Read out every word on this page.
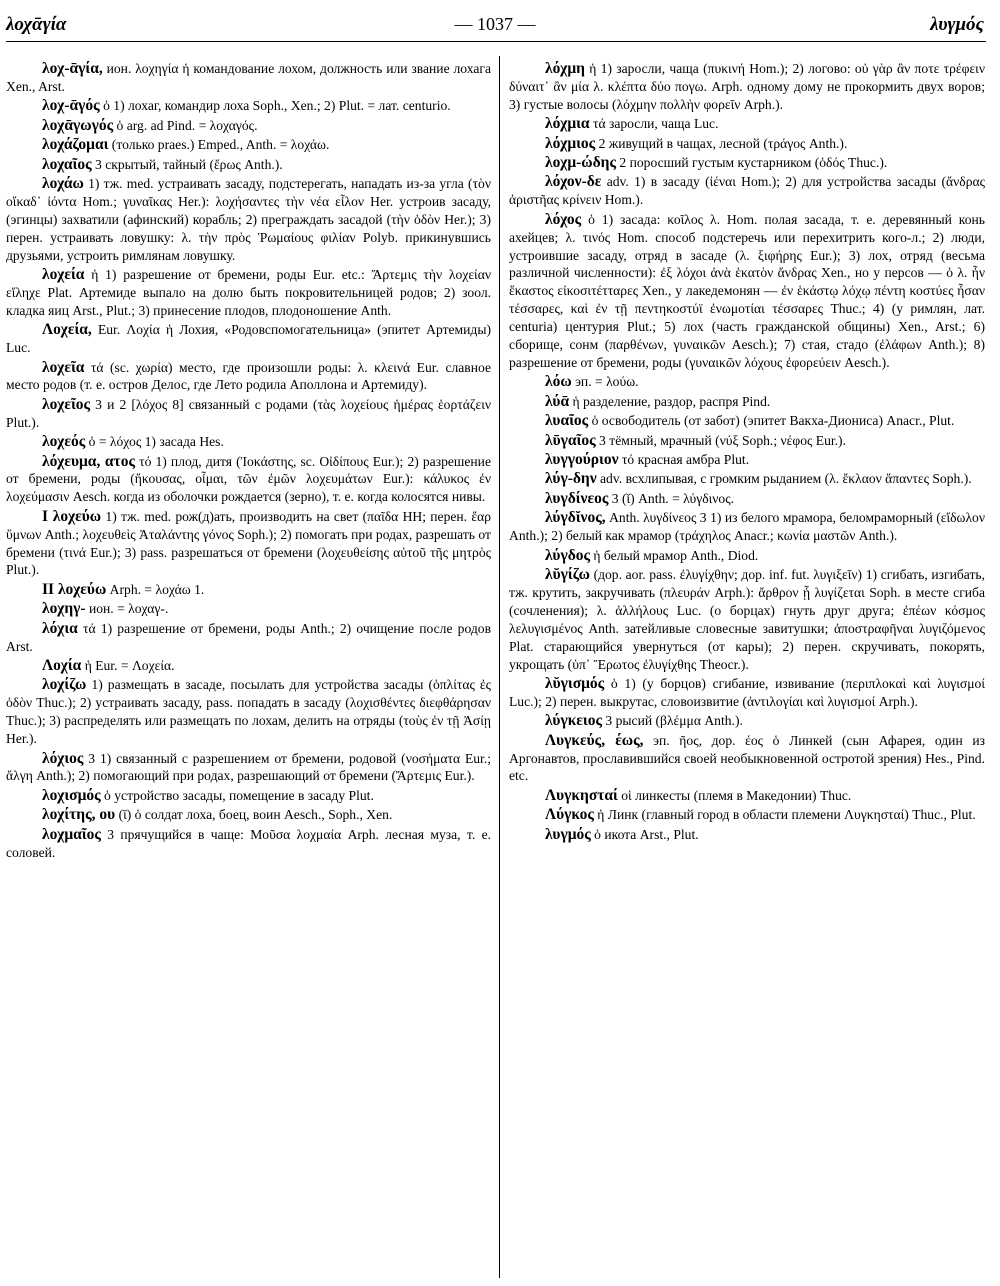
λοχᾱγία	— 1037 —	λυγμός

λοχ-ᾱγία, ион. λοχηγία ἡ командование лохом, должность или звание лохага Xen., Arst.

λοχ-ᾱγός ὁ 1) лохаг, командир лоха Soph., Xen.; 2) Plut. = лат. centurio.

λοχᾱγωγός ὁ arg. ad Pind. = λοχαγός.

λοχάζομαι (только praes.) Emped., Anth. = λοχάω.

λοχαῖος 3 скрытый, тайный (ἔρως Anth.).

λοχάω 1) тж. med. устраивать засаду, подстерегать, нападать из-за угла (τὸν οἴκαδ᾽ ἰόντα Hom.; γυναῖκας Her.): λοχήσαντες τὴν νέα εἷλον Her. устроив засаду, (эгинцы) захватили (афинский) корабль; 2) преграждать засадой (τὴν ὁδὸν Her.); 3) перен. устраивать ловушку: λ. τὴν πρὸς Ῥωμαίους φιλίαν Polyb. прикинувшись друзьями, устроить римлянам ловушку.

λοχεία ἡ 1) разрешение от бремени, роды Eur. etc.: Ἄρτεμις τὴν λοχείαν εἴληχε Plat. Артемиде выпало на долю быть покровительницей родов; 2) зоол. кладка яиц Arst., Plut.; 3) принесение плодов, плодоношение Anth.

Λοχεία, Eur. Λοχία ἡ Лохия, «Родовспомогательница» (эпитет Артемиды) Luc.

λοχεῖα τά (sc. χωρία) место, где произошли роды: λ. κλεινά Eur. славное место родов (т. е. остров Делос, где Лето родила Аполлона и Артемиду).

λοχεῖος 3 и 2 [λόχος 8] связанный с родами (τὰς λοχείους ἡμέρας ἑορτάζειν Plut.).

λοχεός ὁ = λόχος 1) засада Hes.

λόχευμα, ατος τό 1) плод, дитя (Ἰοκάστης, sc. Οἰδίπους Eur.); 2) разрешение от бремени, роды (ἤκουσας, οἶμαι, τῶν ἐμῶν λοχευμάτων Eur.): κάλυκος ἐν λοχεύμασιν Aesch. когда из оболочки рождается (зерно), т. е. когда колосятся нивы.

I λοχεύω 1) тж. med. рож(д)ать, производить на свет (παῖδα HH; перен. ἔαρ ὕμνων Anth.; λοχευθεὶς Ἀταλάντης γόνος Soph.); 2) помогать при родах, разрешать от бремени (τινά Eur.); 3) pass. разрешаться от бремени (λοχευθείσης αὐτοῦ τῆς μητρὸς Plut.).

II λοχεύω Arph. = λοχάω 1.

λοχηγ- ион. = λοχαγ-.

λόχια τά 1) разрешение от бремени, роды Anth.; 2) очищение после родов Arst.

Λοχία ἡ Eur. = Λοχεία.

λοχίζω 1) размещать в засаде, посылать для устройства засады (ὁπλίτας ἐς ὁδὸν Thuc.); 2) устраивать засаду, pass. попадать в засаду (λοχισθέντες διεφθάρησαν Thuc.); 3) распределять или размещать по лохам, делить на отряды (τοὺς ἐν τῇ Ἀσίῃ Her.).

λόχιος 3 1) связанный с разрешением от бремени, родовой (νοσήματα Eur.; ἄλγη Anth.); 2) помогающий при родах, разрешающий от бремени (Ἄρτεμις Eur.).

λοχισμός ὁ устройство засады, помещение в засаду Plut.

λοχίτης, ου (ῑ) ὁ солдат лоха, боец, воин Aesch., Soph., Xen.

λοχμαῖος 3 прячущийся в чаще: Μοῦσα λοχμαία Arph. лесная муза, т. е. соловей.

λόχμη ἡ 1) заросли, чаща (πυκινή Hom.); 2) логово: οὐ γὰρ ἂν ποτε τρέφειν δύναιτ᾽ ἂν μία λ. κλέπτα δύο πογω. Arph. одному дому не прокормить двух воров; 3) густые волосы (λόχμην πολλὴν φορεῖν Arph.).

λόχμια τά заросли, чаща Luc.

λόχμιος 2 живущий в чащах, лесной (τράγος Anth.).

λοχμ-ώδης 2 поросший густым кустарником (ὁδός Thuc.).

λόχον-δε adv. 1) в засаду (ἰέναι Hom.); 2) для устройства засады (ἄνδρας ἀριστῆας κρίνειν Hom.).

λόχος ὁ 1) засада: κοῖλος λ. Hom. полая засада, т. е. деревянный конь ахейцев; λ. τινός Hom. способ подстеречь или перехитрить кого-л.; 2) люди, устроившие засаду, отряд в засаде (λ. ξιφήρης Eur.); 3) лох, отряд (весьма различной численности): ἐξ λόχοι ἀνὰ ἑκατὸν ἄνδρας Xen., но у персов — ὁ λ. ἦν ἕκαστος εἰκοσιτέτταρες Xen., у лакедемонян — ἐν ἑκάστῳ λόχῳ πέντη κοστύες ἦσαν τέσσαρες, καὶ ἐν τῇ πεντηκοστύϊ ἐνωμοτίαι τέσσαρες Thuc.; 4) (у римлян, лат. centuria) центурия Plut.; 5) лох (часть гражданской общины) Xen., Arst.; 6) сборище, сонм (παρθένων, γυναικῶν Aesch.); 7) стая, стадо (ἐλάφων Anth.); 8) разрешение от бремени, роды (γυναικῶν λόχους ἐφορεύειν Aesch.).

λόω эп. = λούω.

λύᾱ ἡ разделение, раздор, распря Pind.

λυαῖος ὁ освободитель (от забот) (эпитет Вакха-Диониса) Anacr., Plut.

λῡγαῖος 3 тёмный, мрачный (νύξ Soph.; νέφος Eur.).

λυγγούριον τό красная амбра Plut.

λύγ-δην adv. всхлипывая, с громким рыданием (λ. ἔκλαον ἅπαντες Soph.).

λυγδίνεος 3 (ῐ) Anth. = λύγδινος.

λύγδῐνος, Anth. λυγδίνεος 3 1) из белого мрамора, беломраморный (εἴδωλον Anth.); 2) белый как мрамор (τράχηλος Anacr.; κωνία μαστῶν Anth.).

λύγδος ἡ белый мрамор Anth., Diod.

λῠγίζω (дор. aor. pass. ἐλυγίχθην; дор. inf. fut. λυγιξεῖν) 1) сгибать, изгибать, тж. крутить, закручивать (πλευράν Arph.): ἄρθρον ᾗ λυγίζεται Soph. в месте сгиба (сочленения); λ. ἀλλήλους Luc. (о борцах) гнуть друг друга; ἐπέων κόσμος λελυγισμένος Anth. затейливые словесные завитушки; ἀποστραφῆναι λυγιζόμενος Plat. старающийся увернуться (от кары); 2) перен. скручивать, покорять, укрощать (ὑπ᾽ Ἔρωτος ἐλυγίχθης Theocr.).

λῠγισμός ὁ 1) (у борцов) сгибание, извивание (περιπλοκαὶ καὶ λυγισμοί Luc.); 2) перен. выкрутас, словоизвитие (ἀντιλογίαι καὶ λυγισμοί Arph.).

λύγκειος 3 рысий (βλέμμα Anth.).

Λυγκεύς, έως, эп. ῆος, дор. έος ὁ Линкей (сын Афарея, один из Аргонавтов, прославившийся своей необыкновенной остротой зрения) Hes., Pind. etc.

Λυγκησταί οἱ линкесты (племя в Македонии) Thuc.

Λύγκος ἡ Линк (главный город в области племени Λυγκησταί) Thuc., Plut.

λυγμός ὁ икота Arst., Plut.
